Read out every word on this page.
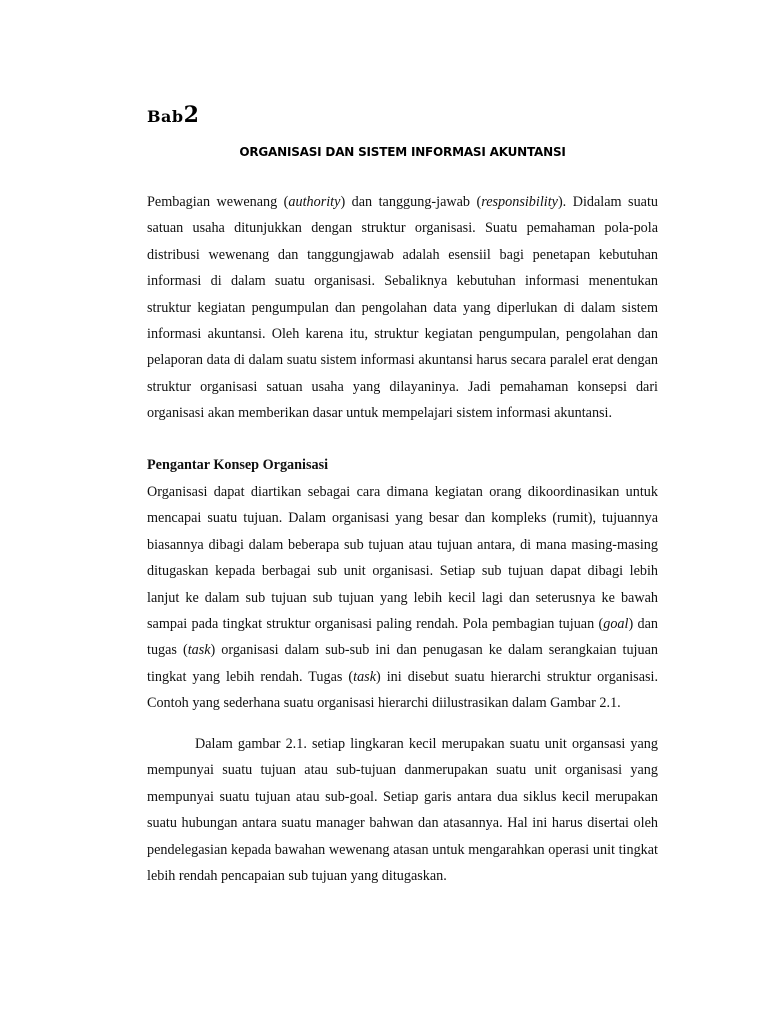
Bab2
ORGANISASI DAN SISTEM INFORMASI AKUNTANSI

Pembagian wewenang (authority) dan tanggung-jawab (responsibility). Didalam suatu satuan usaha ditunjukkan dengan struktur organisasi. Suatu pemahaman pola-pola distribusi wewenang dan tanggungjawab adalah esensiil bagi penetapan kebutuhan informasi di dalam suatu organisasi. Sebaliknya kebutuhan informasi menentukan struktur kegiatan pengumpulan dan pengolahan data yang diperlukan di dalam sistem informasi akuntansi. Oleh karena itu, struktur kegiatan pengumpulan, pengolahan dan pelaporan data di dalam suatu sistem informasi akuntansi harus secara paralel erat dengan struktur organisasi satuan usaha yang dilayaninya. Jadi pemahaman konsepsi dari organisasi akan memberikan dasar untuk mempelajari sistem informasi akuntansi.

Pengantar Konsep Organisasi

Organisasi dapat diartikan sebagai cara dimana kegiatan orang dikoordinasikan untuk mencapai suatu tujuan. Dalam organisasi yang besar dan kompleks (rumit), tujuannya biasannya dibagi dalam beberapa sub tujuan atau tujuan antara, di mana masing-masing ditugaskan kepada berbagai sub unit organisasi. Setiap sub tujuan dapat dibagi lebih lanjut ke dalam sub tujuan sub tujuan yang lebih kecil lagi dan seterusnya ke bawah sampai pada tingkat struktur organisasi paling rendah. Pola pembagian tujuan (goal) dan tugas (task) organisasi dalam sub-sub ini dan penugasan ke dalam serangkaian tujuan tingkat yang lebih rendah. Tugas (task) ini disebut suatu hierarchi struktur organisasi. Contoh yang sederhana suatu organisasi hierarchi diilustrasikan dalam Gambar 2.1.

Dalam gambar 2.1. setiap lingkaran kecil merupakan suatu unit organsasi yang mempunyai suatu tujuan atau sub-tujuan danmerupakan suatu unit organisasi yang mempunyai suatu tujuan atau sub-goal. Setiap garis antara dua siklus kecil merupakan suatu hubungan antara suatu manager bahwan dan atasannya. Hal ini harus disertai oleh pendelegasian kepada bawahan wewenang atasan untuk mengarahkan operasi unit tingkat lebih rendah pencapaian sub tujuan yang ditugaskan.
